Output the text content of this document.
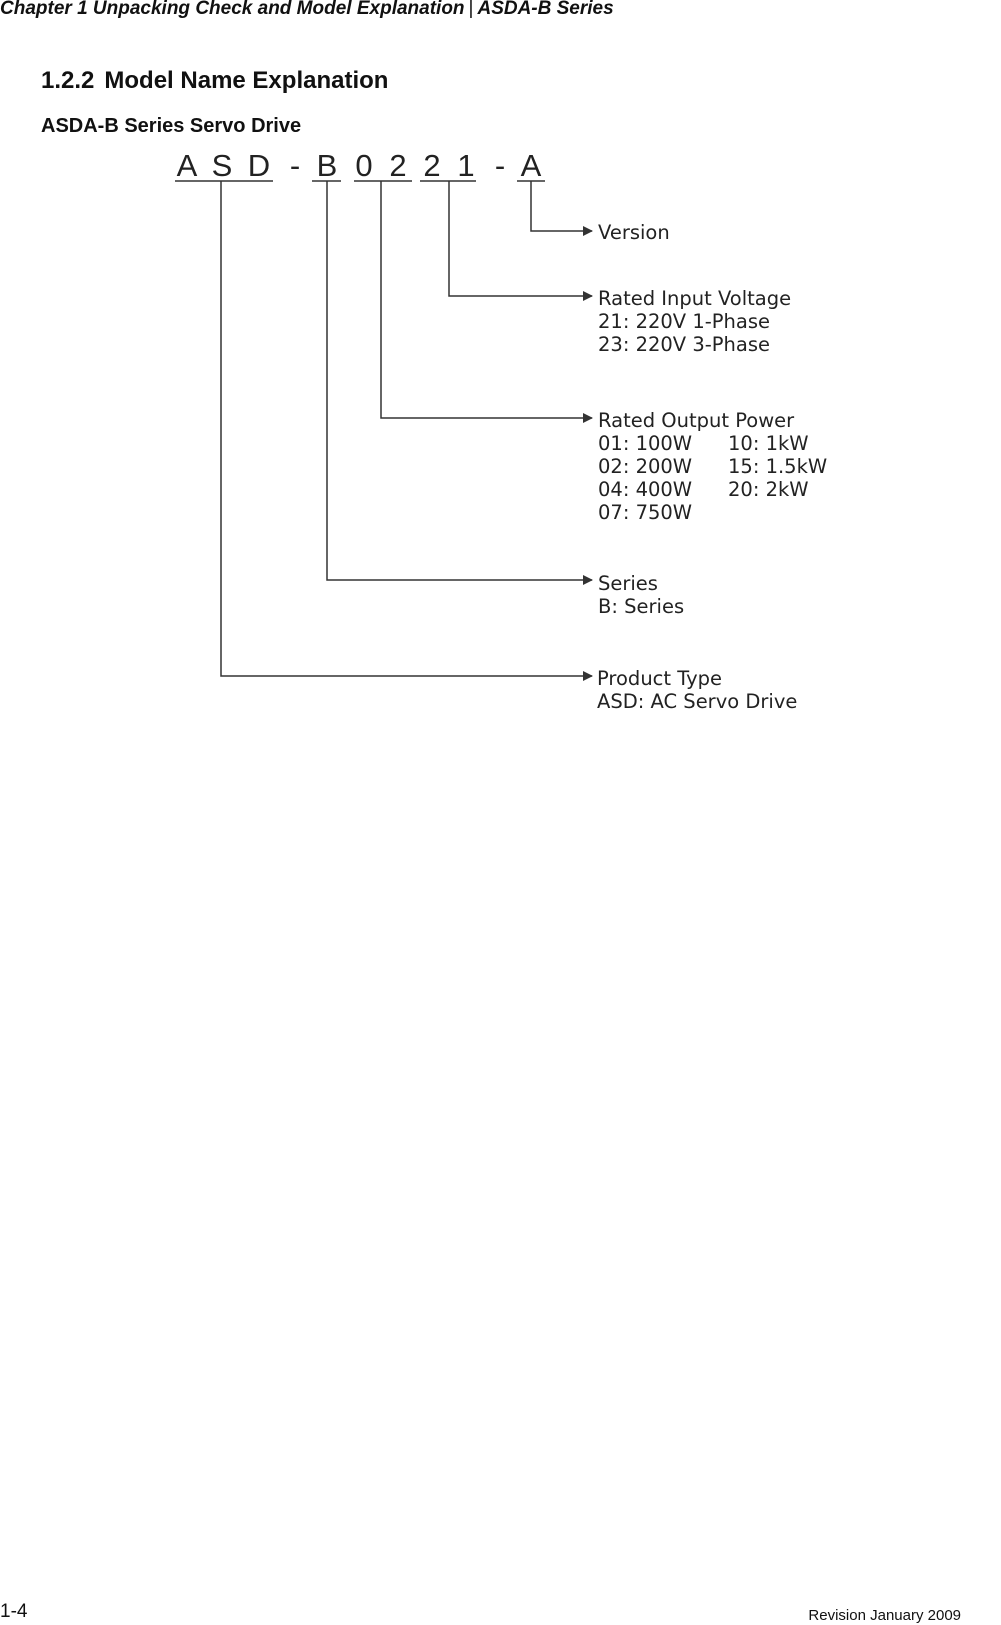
Chapter 1 Unpacking Check and Model Explanation | ASDA-B Series
1.2.2 Model Name Explanation
ASDA-B Series Servo Drive
A S D - B 0 2 2 1 - A
Version
Rated Input Voltage
21: 220V 1-Phase
23: 220V 3-Phase
Rated Output Power
01: 100W
02: 200W
04: 400W
07: 750W
10: 1kW
15: 1.5kW
20: 2kW
Series
B: Series
Product Type
ASD: AC Servo Drive
1-4	Revision January 2009
